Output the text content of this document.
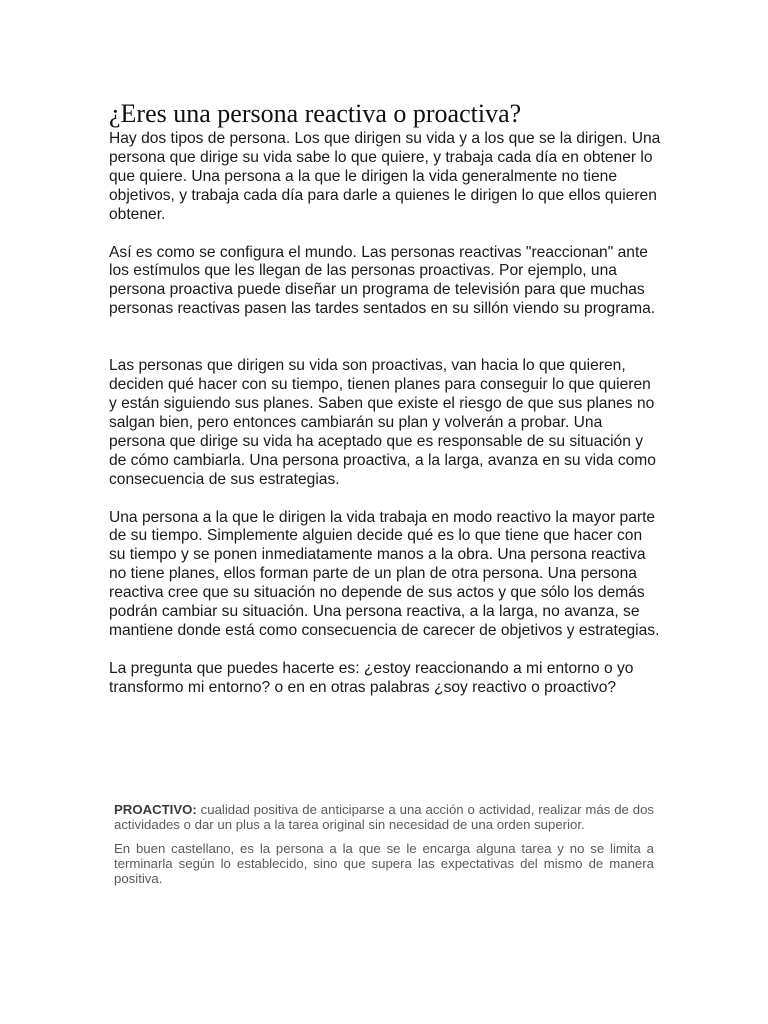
¿Eres una persona reactiva o proactiva?

Hay dos tipos de persona. Los que dirigen su vida y a los que se la dirigen. Una persona que dirige su vida sabe lo que quiere, y trabaja cada día en obtener lo que quiere. Una persona a la que le dirigen la vida generalmente no tiene objetivos, y trabaja cada día para darle a quienes le dirigen lo que ellos quieren obtener.

Así es como se configura el mundo. Las personas reactivas "reaccionan" ante los estímulos que les llegan de las personas proactivas. Por ejemplo, una persona proactiva puede diseñar un programa de televisión para que muchas personas reactivas pasen las tardes sentados en su sillón viendo su programa.

Las personas que dirigen su vida son proactivas, van hacia lo que quieren, deciden qué hacer con su tiempo, tienen planes para conseguir lo que quieren y están siguiendo sus planes. Saben que existe el riesgo de que sus planes no salgan bien, pero entonces cambiarán su plan y volverán a probar. Una persona que dirige su vida ha aceptado que es responsable de su situación y de cómo cambiarla. Una persona proactiva, a la larga, avanza en su vida como consecuencia de sus estrategias.

Una persona a la que le dirigen la vida trabaja en modo reactivo la mayor parte de su tiempo. Simplemente alguien decide qué es lo que tiene que hacer con su tiempo y se ponen inmediatamente manos a la obra. Una persona reactiva no tiene planes, ellos forman parte de un plan de otra persona. Una persona reactiva cree que su situación no depende de sus actos y que sólo los demás podrán cambiar su situación. Una persona reactiva, a la larga, no avanza, se mantiene donde está como consecuencia de carecer de objetivos y estrategias.

La pregunta que puedes hacerte es: ¿estoy reaccionando a mi entorno o yo transformo mi entorno? o en en otras palabras ¿soy reactivo o proactivo?

PROACTIVO: cualidad positiva de anticiparse a una acción o actividad, realizar más de dos actividades o dar un plus a la tarea original sin necesidad de una orden superior.

En buen castellano, es la persona a la que se le encarga alguna tarea y no se limita a terminarla según lo establecido, sino que supera las expectativas del mismo de manera positiva.
